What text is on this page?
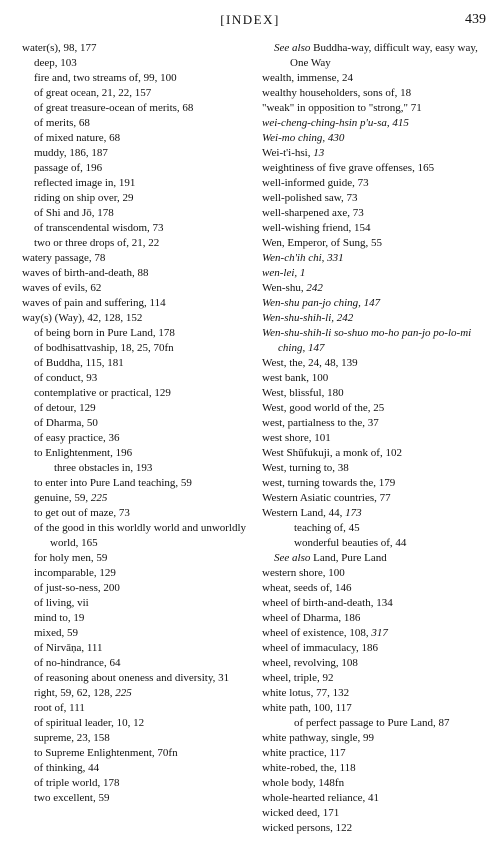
[INDEX]	439
water(s), 98, 177
deep, 103
fire and, two streams of, 99, 100
of great ocean, 21, 22, 157
of great treasure-ocean of merits, 68
of merits, 68
of mixed nature, 68
muddy, 186, 187
passage of, 196
reflected image in, 191
riding on ship over, 29
of Shi and Jō, 178
of transcendental wisdom, 73
two or three drops of, 21, 22
watery passage, 78
waves of birth-and-death, 88
waves of evils, 62
waves of pain and suffering, 114
way(s) (Way), 42, 128, 152
of being born in Pure Land, 178
of bodhisattvaship, 18, 25, 70fn
of Buddha, 115, 181
of conduct, 93
contemplative or practical, 129
of detour, 129
of Dharma, 50
of easy practice, 36
to Enlightenment, 196
three obstacles in, 193
to enter into Pure Land teaching, 59
genuine, 59, 225
to get out of maze, 73
of the good in this worldly world and unworldly world, 165
for holy men, 59
incomparable, 129
of just-so-ness, 200
of living, vii
mind to, 19
mixed, 59
of Nirvāṇa, 111
of no-hindrance, 64
of reasoning about oneness and diversity, 31
right, 59, 62, 128, 225
root of, 111
of spiritual leader, 10, 12
supreme, 23, 158
to Supreme Enlightenment, 70fn
of thinking, 44
of triple world, 178
two excellent, 59
See also Buddha-way, difficult way, easy way, One Way
wealth, immense, 24
wealthy householders, sons of, 18
"weak" in opposition to "strong," 71
wei-cheng-ching-hsin p'u-sa, 415
Wei-mo ching, 430
Wei-t'i-hsi, 13
weightiness of five grave offenses, 165
well-informed guide, 73
well-polished saw, 73
well-sharpened axe, 73
well-wishing friend, 154
Wen, Emperor, of Sung, 55
Wen-ch'ih chi, 331
wen-lei, 1
Wen-shu, 242
Wen-shu pan-jo ching, 147
Wen-shu-shih-li, 242
Wen-shu-shih-li so-shuo mo-ho pan-jo po-lo-mi ching, 147
West, the, 24, 48, 139
west bank, 100
West, blissful, 180
West, good world of the, 25
west, partialness to the, 37
west shore, 101
West Shūfukuji, a monk of, 102
West, turning to, 38
west, turning towards the, 179
Western Asiatic countries, 77
Western Land, 44, 173
teaching of, 45
wonderful beauties of, 44
See also Land, Pure Land
western shore, 100
wheat, seeds of, 146
wheel of birth-and-death, 134
wheel of Dharma, 186
wheel of existence, 108, 317
wheel of immaculacy, 186
wheel, revolving, 108
wheel, triple, 92
white lotus, 77, 132
white path, 100, 117
of perfect passage to Pure Land, 87
white pathway, single, 99
white practice, 117
white-robed, the, 118
whole body, 148fn
whole-hearted reliance, 41
wicked deed, 171
wicked persons, 122
